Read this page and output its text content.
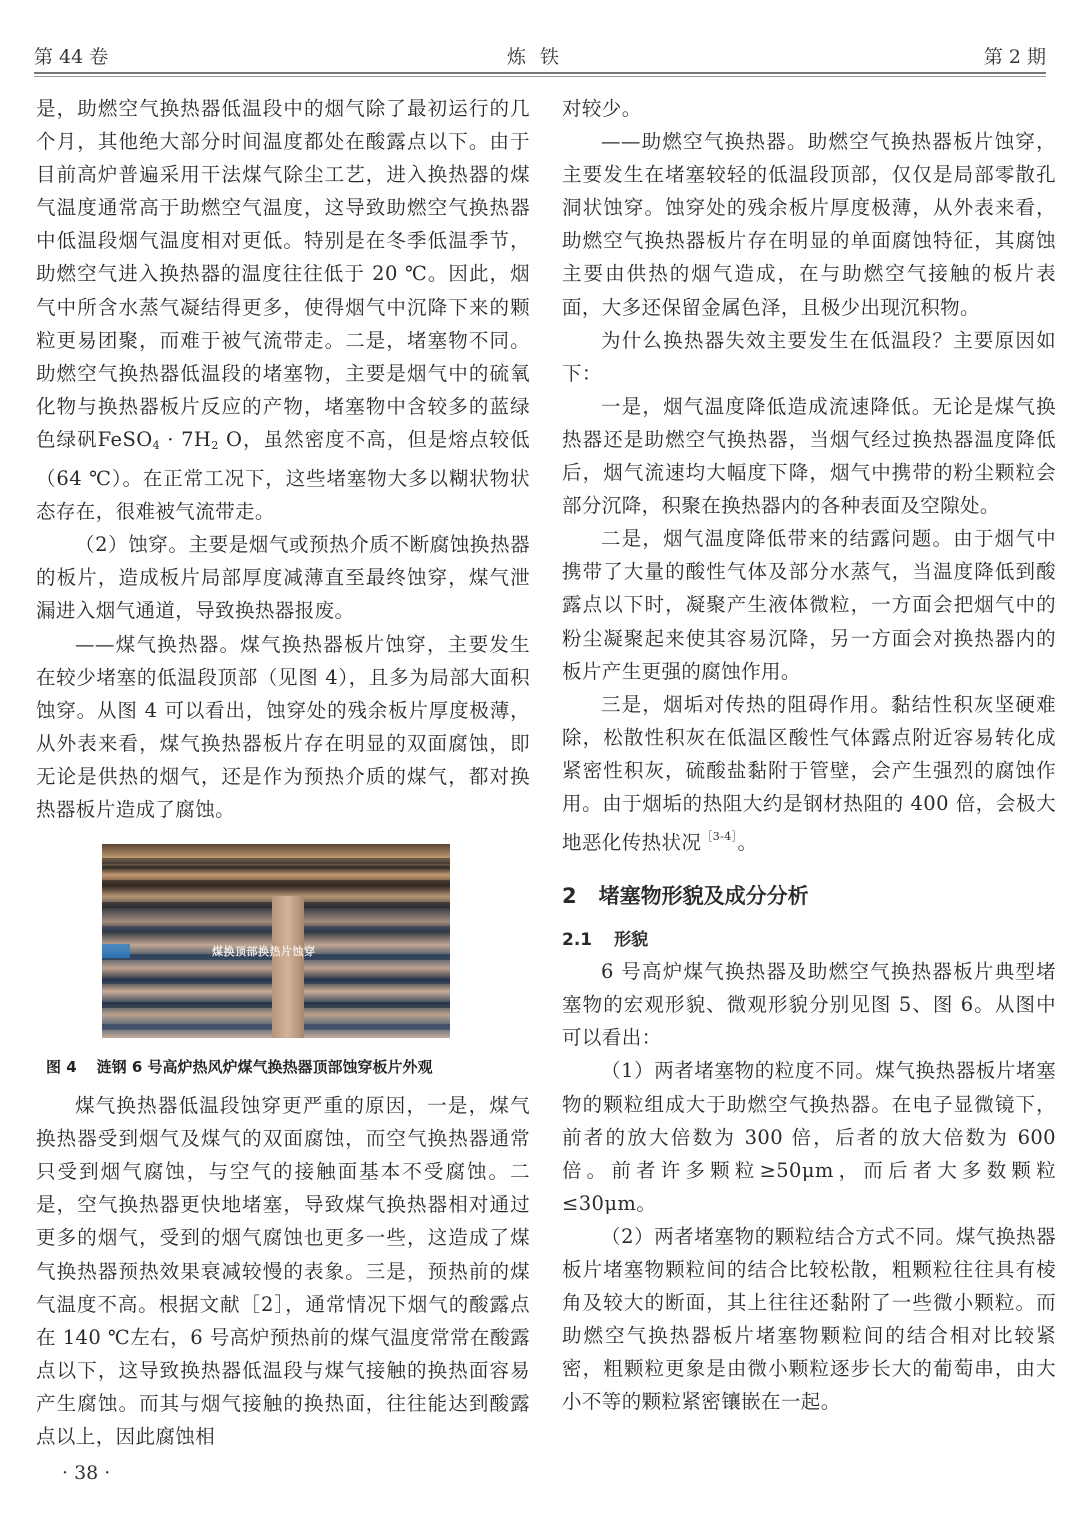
第 44 卷	炼铁	第 2 期

是，助燃空气换热器低温段中的烟气除了最初运行的几个月，其他绝大部分时间温度都处在酸露点以下。由于目前高炉普遍采用干法煤气除尘工艺，进入换热器的煤气温度通常高于助燃空气温度，这导致助燃空气换热器中低温段烟气温度相对更低。特别是在冬季低温季节，助燃空气进入换热器的温度往往低于 20 ℃。因此，烟气中所含水蒸气凝结得更多，使得烟气中沉降下来的颗粒更易团聚，而难于被气流带走。二是，堵塞物不同。助燃空气换热器低温段的堵塞物，主要是烟气中的硫氧化物与换热器板片反应的产物，堵塞物中含较多的蓝绿色绿矾FeSO$_4$ · $7H_2$ O，虽然密度不高，但是熔点较低（64 ℃）。在正常工况下，这些堵塞物大多以糊状物状态存在，很难被气流带走。

（2）蚀穿。主要是烟气或预热介质不断腐蚀换热器的板片，造成板片局部厚度减薄直至最终蚀穿，煤气泄漏进入烟气通道，导致换热器报废。

——煤气换热器。煤气换热器板片蚀穿，主要发生在较少堵塞的低温段顶部（见图 4），且多为局部大面积蚀穿。从图 4 可以看出，蚀穿处的残余板片厚度极薄，从外表来看，煤气换热器板片存在明显的双面腐蚀，即无论是供热的烟气，还是作为预热介质的煤气，都对换热器板片造成了腐蚀。

煤换顶部换热片蚀穿
图 4 涟钢 6 号高炉热风炉煤气换热器顶部蚀穿板片外观

煤气换热器低温段蚀穿更严重的原因，一是，煤气换热器受到烟气及煤气的双面腐蚀，而空气换热器通常只受到烟气腐蚀，与空气的接触面基本不受腐蚀。二是，空气换热器更快地堵塞，导致煤气换热器相对通过更多的烟气，受到的烟气腐蚀也更多一些，这造成了煤气换热器预热效果衰减较慢的表象。三是，预热前的煤气温度不高。根据文献［2］，通常情况下烟气的酸露点在 140 ℃左右，6 号高炉预热前的煤气温度常常在酸露点以下，这导致换热器低温段与煤气接触的换热面容易产生腐蚀。而其与烟气接触的换热面，往往能达到酸露点以上，因此腐蚀相

对较少。

——助燃空气换热器。助燃空气换热器板片蚀穿，主要发生在堵塞较轻的低温段顶部，仅仅是局部零散孔洞状蚀穿。蚀穿处的残余板片厚度极薄，从外表来看，助燃空气换热器板片存在明显的单面腐蚀特征，其腐蚀主要由供热的烟气造成，在与助燃空气接触的板片表面，大多还保留金属色泽，且极少出现沉积物。

为什么换热器失效主要发生在低温段？主要原因如下：

一是，烟气温度降低造成流速降低。无论是煤气换热器还是助燃空气换热器，当烟气经过换热器温度降低后，烟气流速均大幅度下降，烟气中携带的粉尘颗粒会部分沉降，积聚在换热器内的各种表面及空隙处。

二是，烟气温度降低带来的结露问题。由于烟气中携带了大量的酸性气体及部分水蒸气，当温度降低到酸露点以下时，凝聚产生液体微粒，一方面会把烟气中的粉尘凝聚起来使其容易沉降，另一方面会对换热器内的板片产生更强的腐蚀作用。

三是，烟垢对传热的阻碍作用。黏结性积灰坚硬难除，松散性积灰在低温区酸性气体露点附近容易转化成紧密性积灰，硫酸盐黏附于管壁，会产生强烈的腐蚀作用。由于烟垢的热阻大约是钢材热阻的 400 倍，会极大地恶化传热状况$^{[3-4]}$。

2 堵塞物形貌及成分分析
2.1 形貌

6 号高炉煤气换热器及助燃空气换热器板片典型堵塞物的宏观形貌、微观形貌分别见图 5、图 6。从图中可以看出：

（1）两者堵塞物的粒度不同。煤气换热器板片堵塞物的颗粒组成大于助燃空气换热器。在电子显微镜下，前者的放大倍数为 300 倍，后者的放大倍数为 600 倍。前者许多颗粒≥50μm，而后者大多数颗粒≤30μm。

（2）两者堵塞物的颗粒结合方式不同。煤气换热器板片堵塞物颗粒间的结合比较松散，粗颗粒往往具有棱角及较大的断面，其上往往还黏附了一些微小颗粒。而助燃空气换热器板片堵塞物颗粒间的结合相对比较紧密，粗颗粒更象是由微小颗粒逐步长大的葡萄串，由大小不等的颗粒紧密镶嵌在一起。

· 38 ·
